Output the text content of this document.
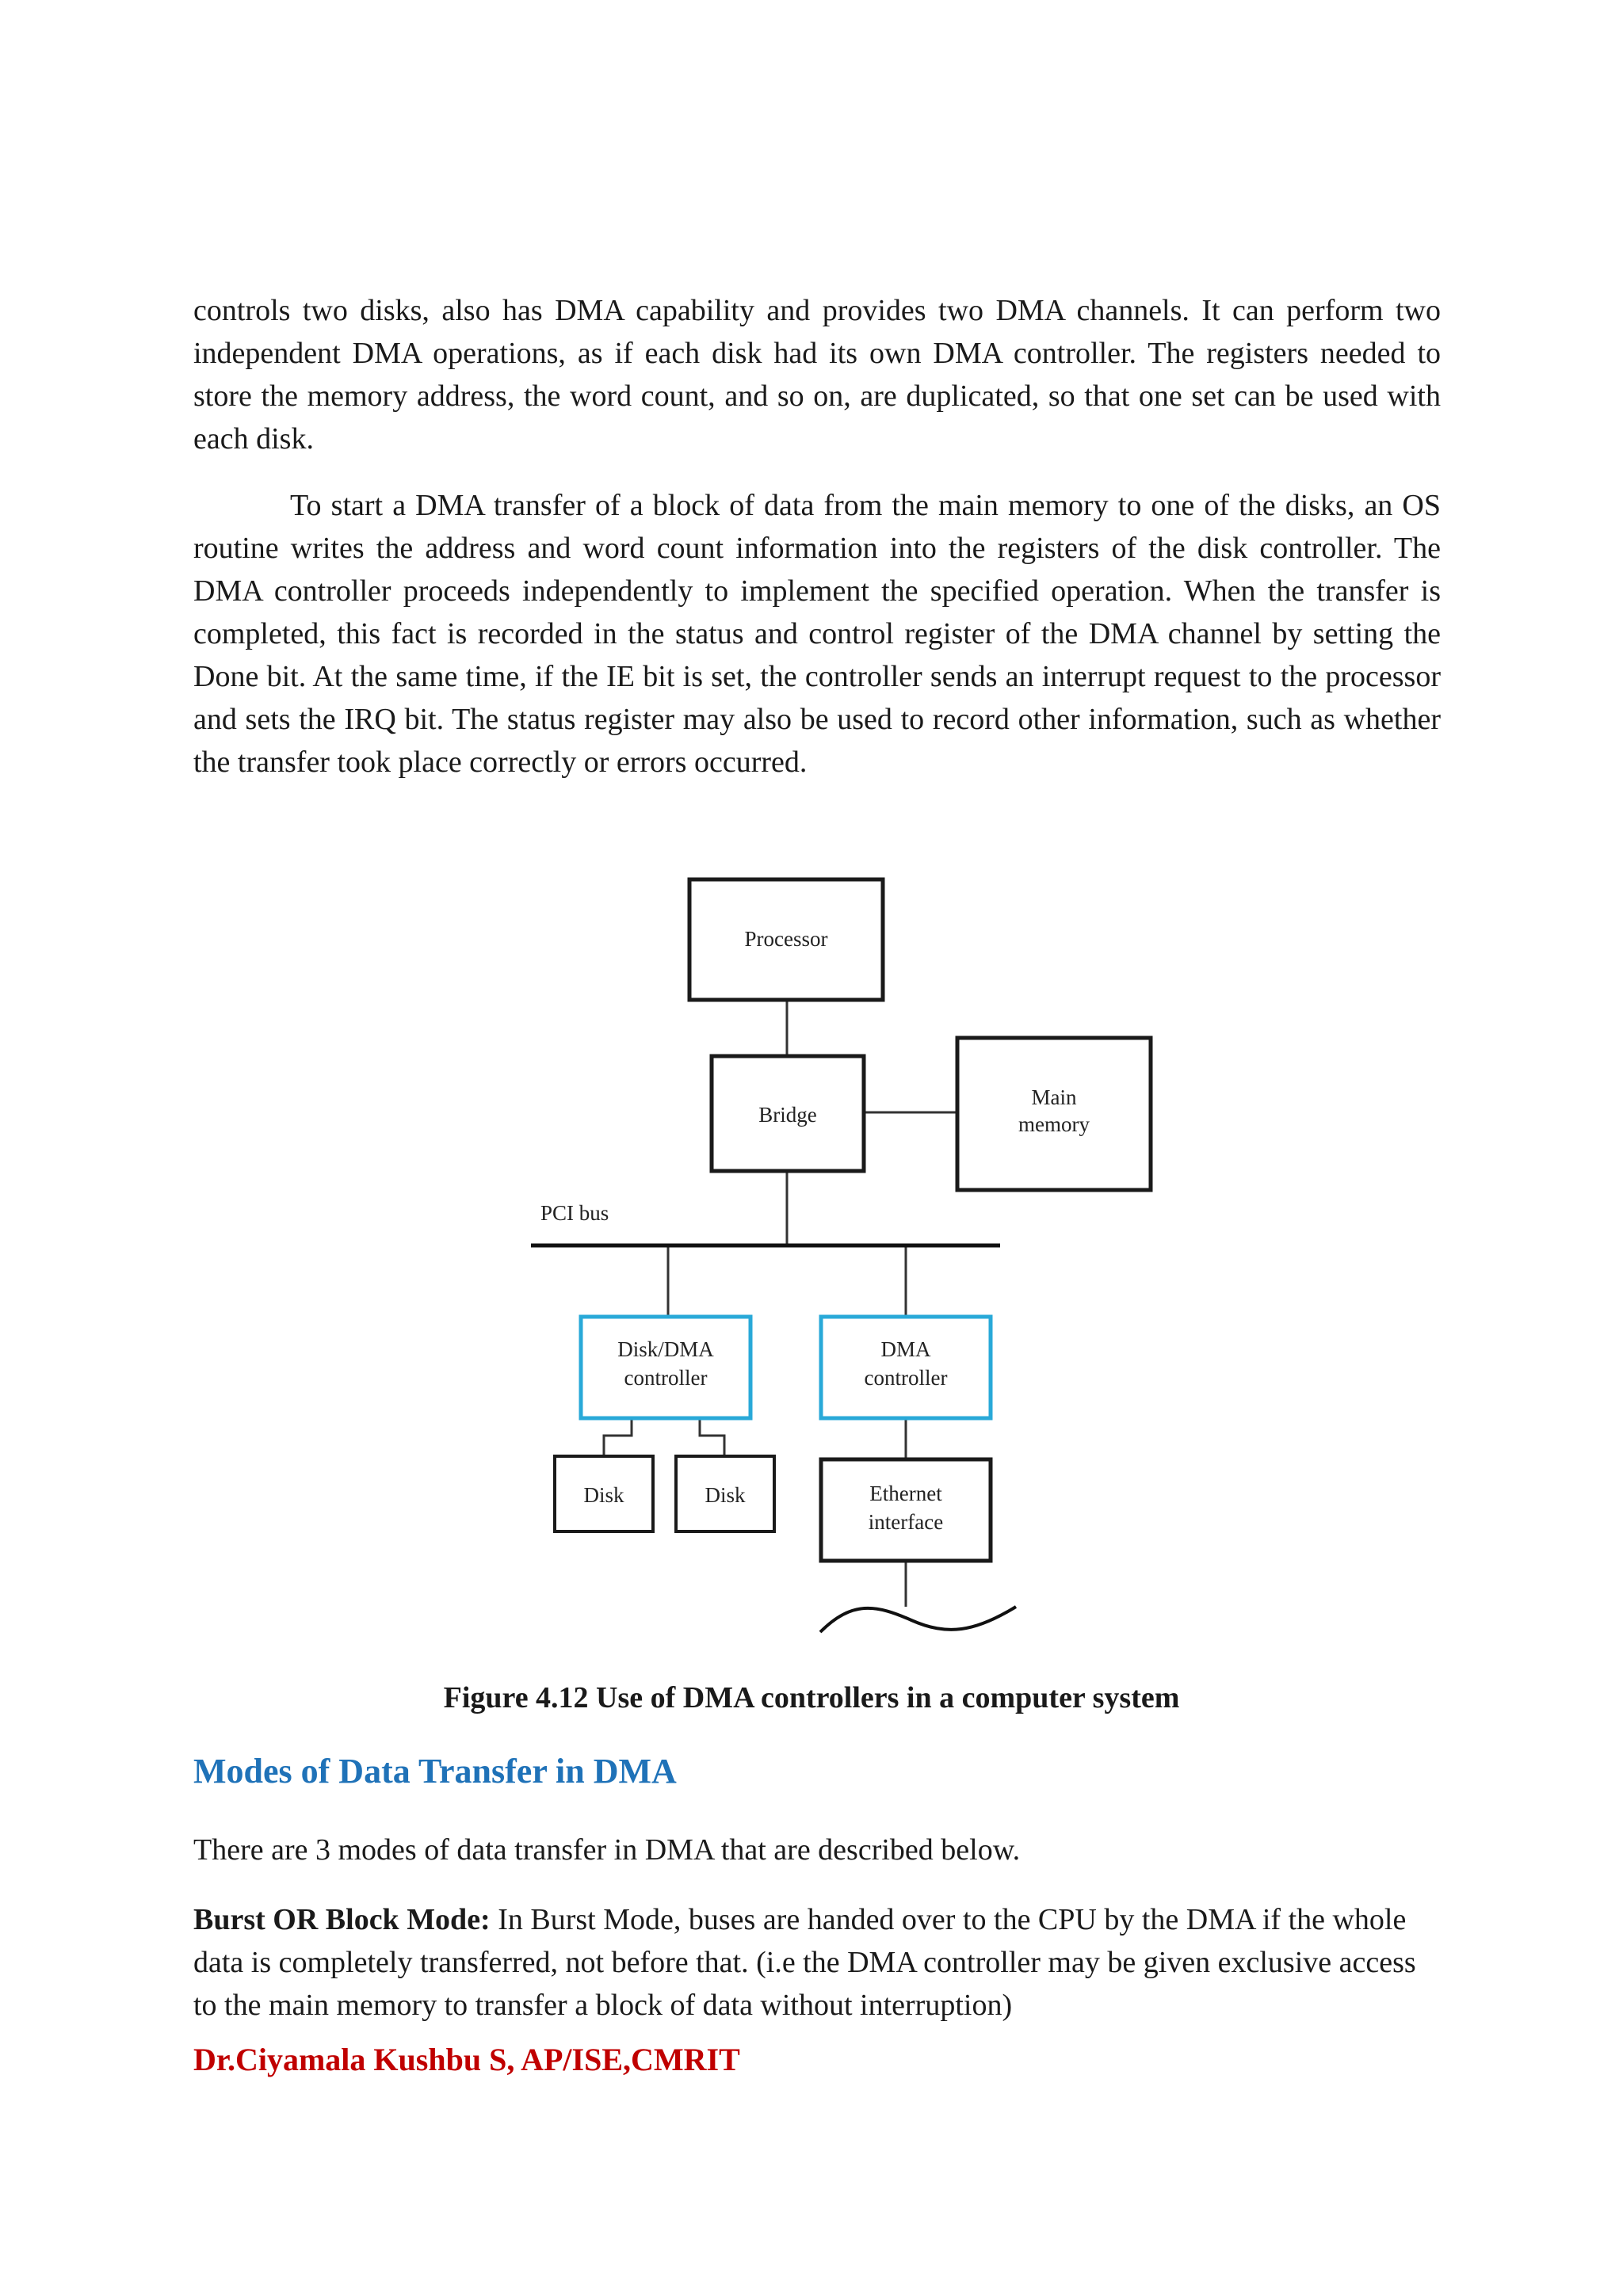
controls two disks, also has DMA capability and provides two DMA channels. It can perform two independent DMA operations, as if each disk had its own DMA controller. The registers needed to store the memory address, the word count, and so on, are duplicated, so that one set can be used with each disk.

To start a DMA transfer of a block of data from the main memory to one of the disks, an OS routine writes the address and word count information into the registers of the disk controller. The DMA controller proceeds independently to implement the specified operation. When the transfer is completed, this fact is recorded in the status and control register of the DMA channel by setting the Done bit. At the same time, if the IE bit is set, the controller sends an interrupt request to the processor and sets the IRQ bit. The status register may also be used to record other information, such as whether the transfer took place correctly or errors occurred.

Processor
Bridge
Main
memory
PCI bus
Disk/DMA
controller
DMA
controller
Disk	Disk	Ethernet
interface

Figure 4.12 Use of DMA controllers in a computer system

Modes of Data Transfer in DMA

There are 3 modes of data transfer in DMA that are described below.

Burst OR Block Mode: In Burst Mode, buses are handed over to the CPU by the DMA if the whole data is completely transferred, not before that. (i.e the DMA controller may be given exclusive access to the main memory to transfer a block of data without interruption)

Dr.Ciyamala Kushbu S, AP/ISE,CMRIT
